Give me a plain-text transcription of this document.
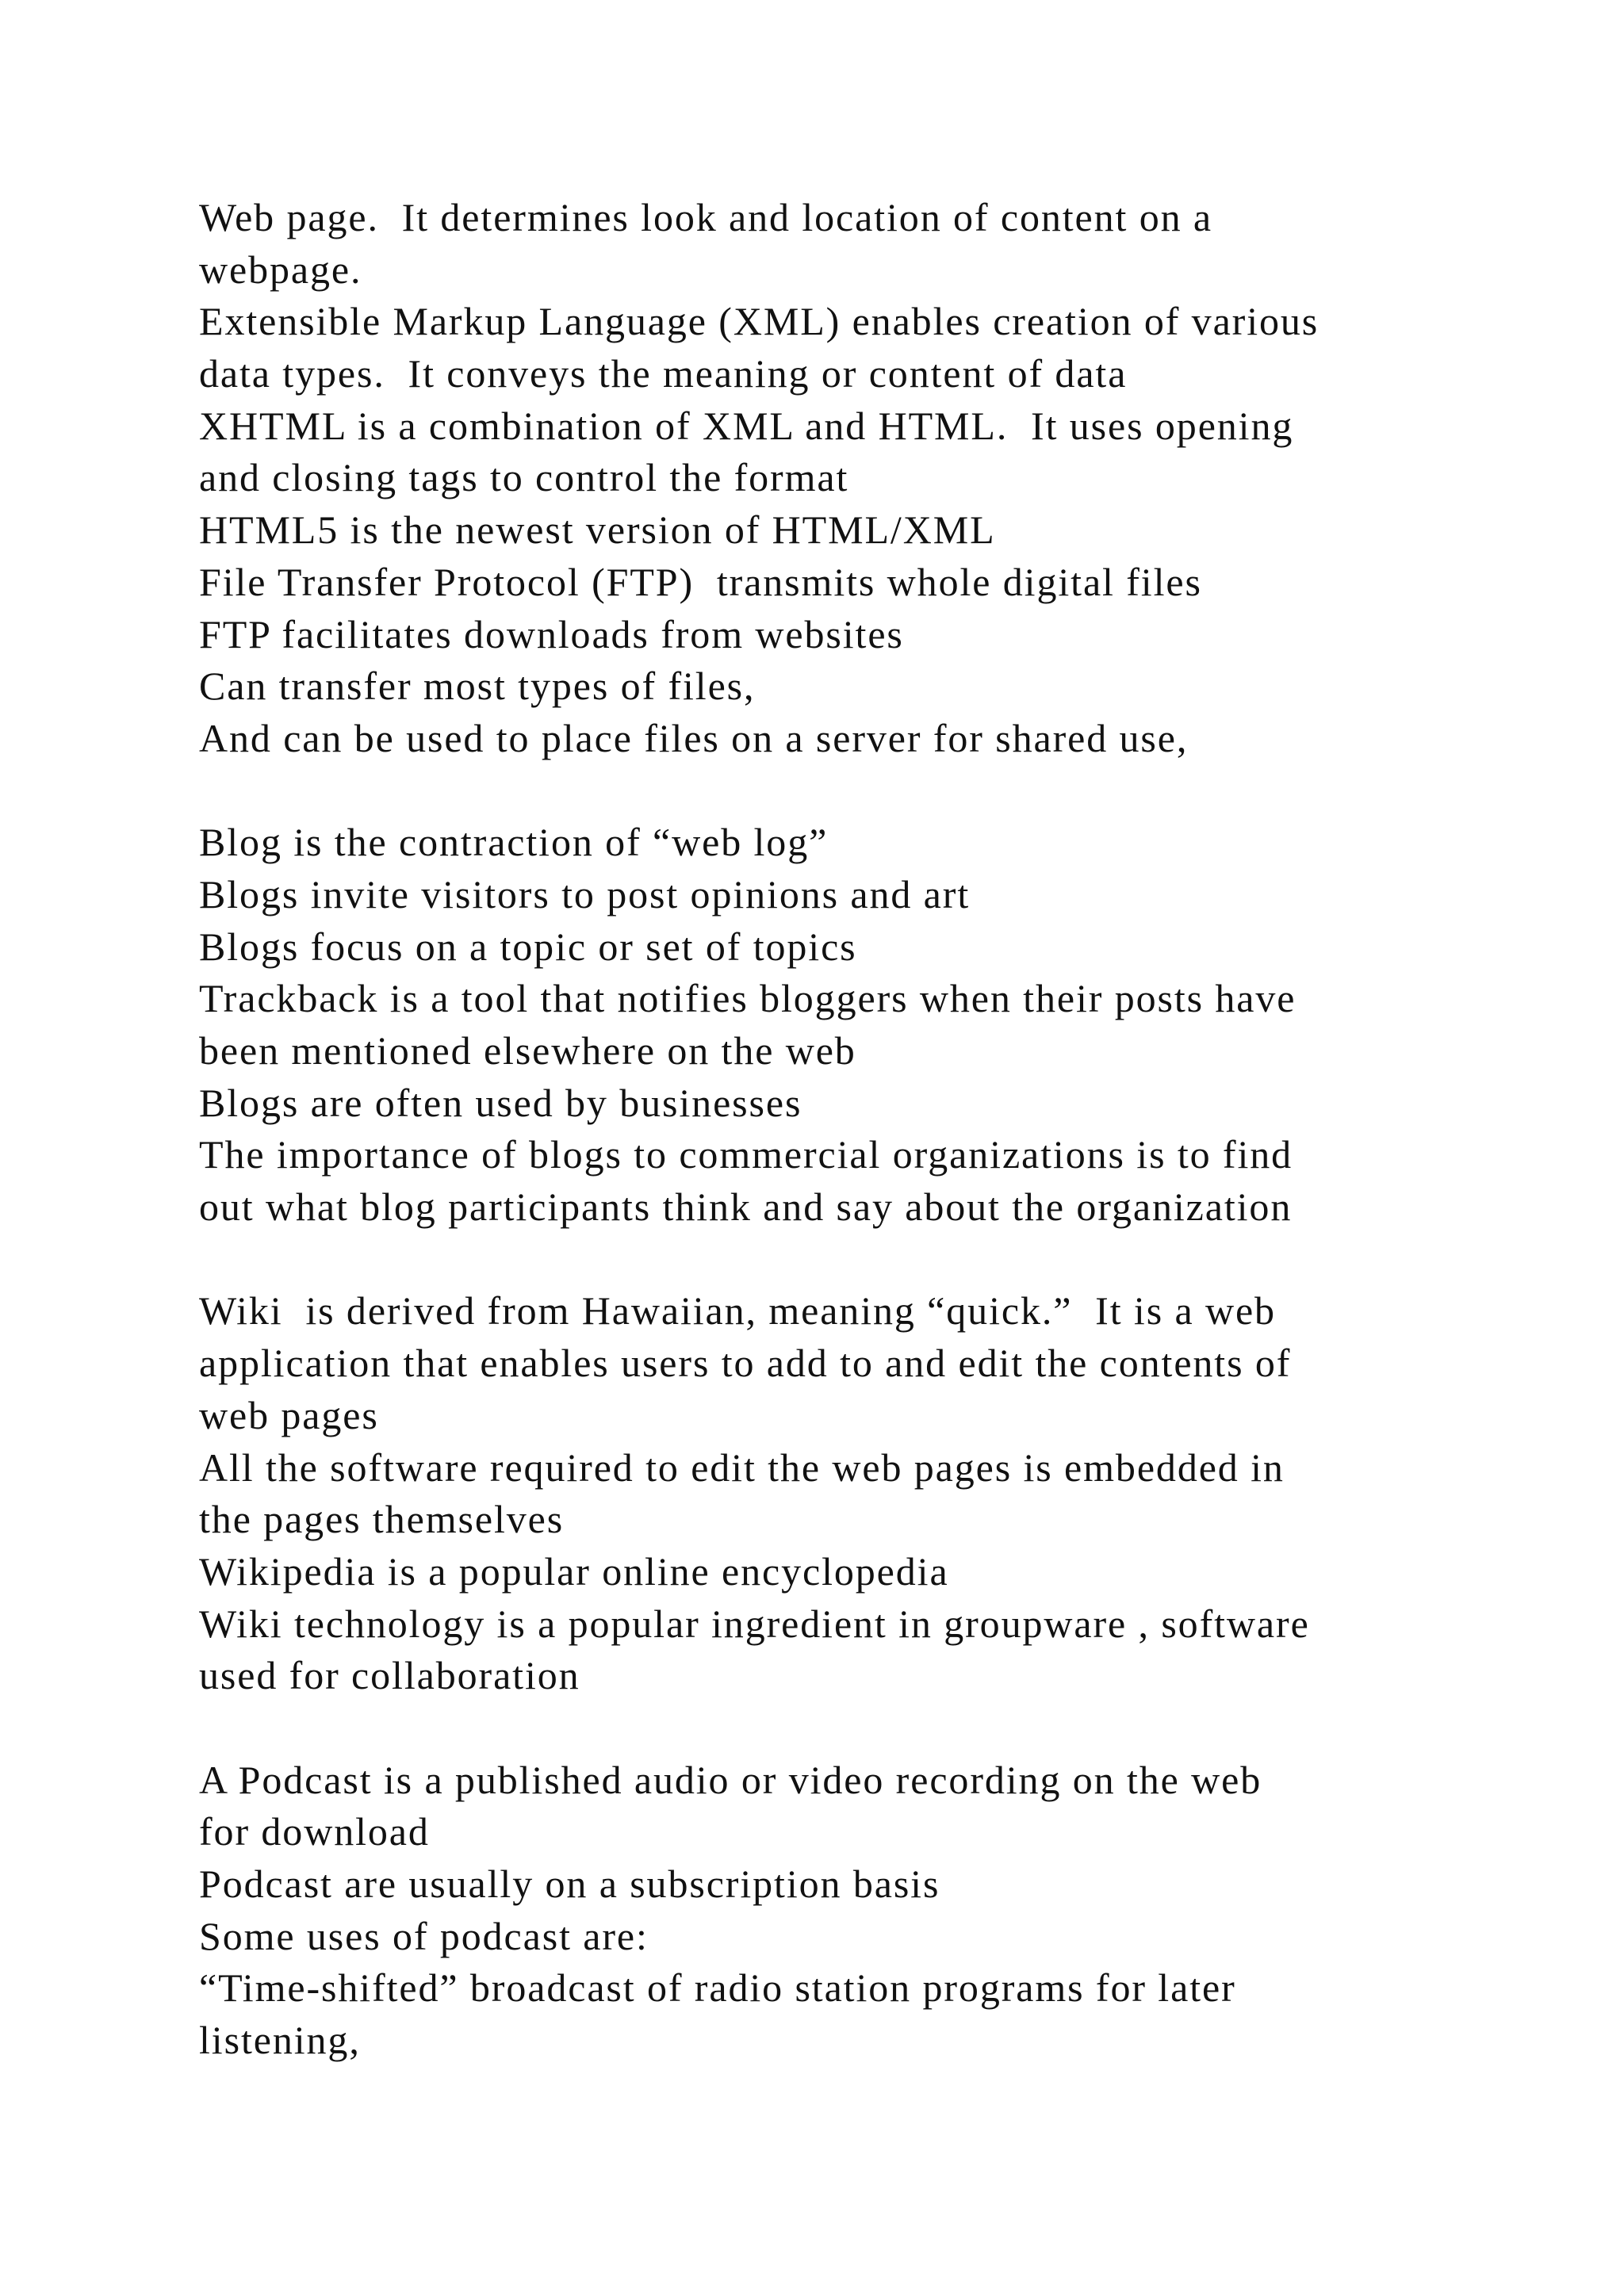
Web page.  It determines look and location of content on a
webpage.
Extensible Markup Language (XML) enables creation of various
data types.  It conveys the meaning or content of data
XHTML is a combination of XML and HTML.  It uses opening
and closing tags to control the format
HTML5 is the newest version of HTML/XML
File Transfer Protocol (FTP)  transmits whole digital files
FTP facilitates downloads from websites
Can transfer most types of files,
And can be used to place files on a server for shared use,
Blog is the contraction of “web log”
Blogs invite visitors to post opinions and art
Blogs focus on a topic or set of topics
Trackback is a tool that notifies bloggers when their posts have
been mentioned elsewhere on the web
Blogs are often used by businesses
The importance of blogs to commercial organizations is to find
out what blog participants think and say about the organization
Wiki  is derived from Hawaiian, meaning “quick.”  It is a web
application that enables users to add to and edit the contents of
web pages
All the software required to edit the web pages is embedded in
the pages themselves
Wikipedia is a popular online encyclopedia
Wiki technology is a popular ingredient in groupware , software
used for collaboration
A Podcast is a published audio or video recording on the web
for download
Podcast are usually on a subscription basis
Some uses of podcast are:
“Time-shifted” broadcast of radio station programs for later
listening,
